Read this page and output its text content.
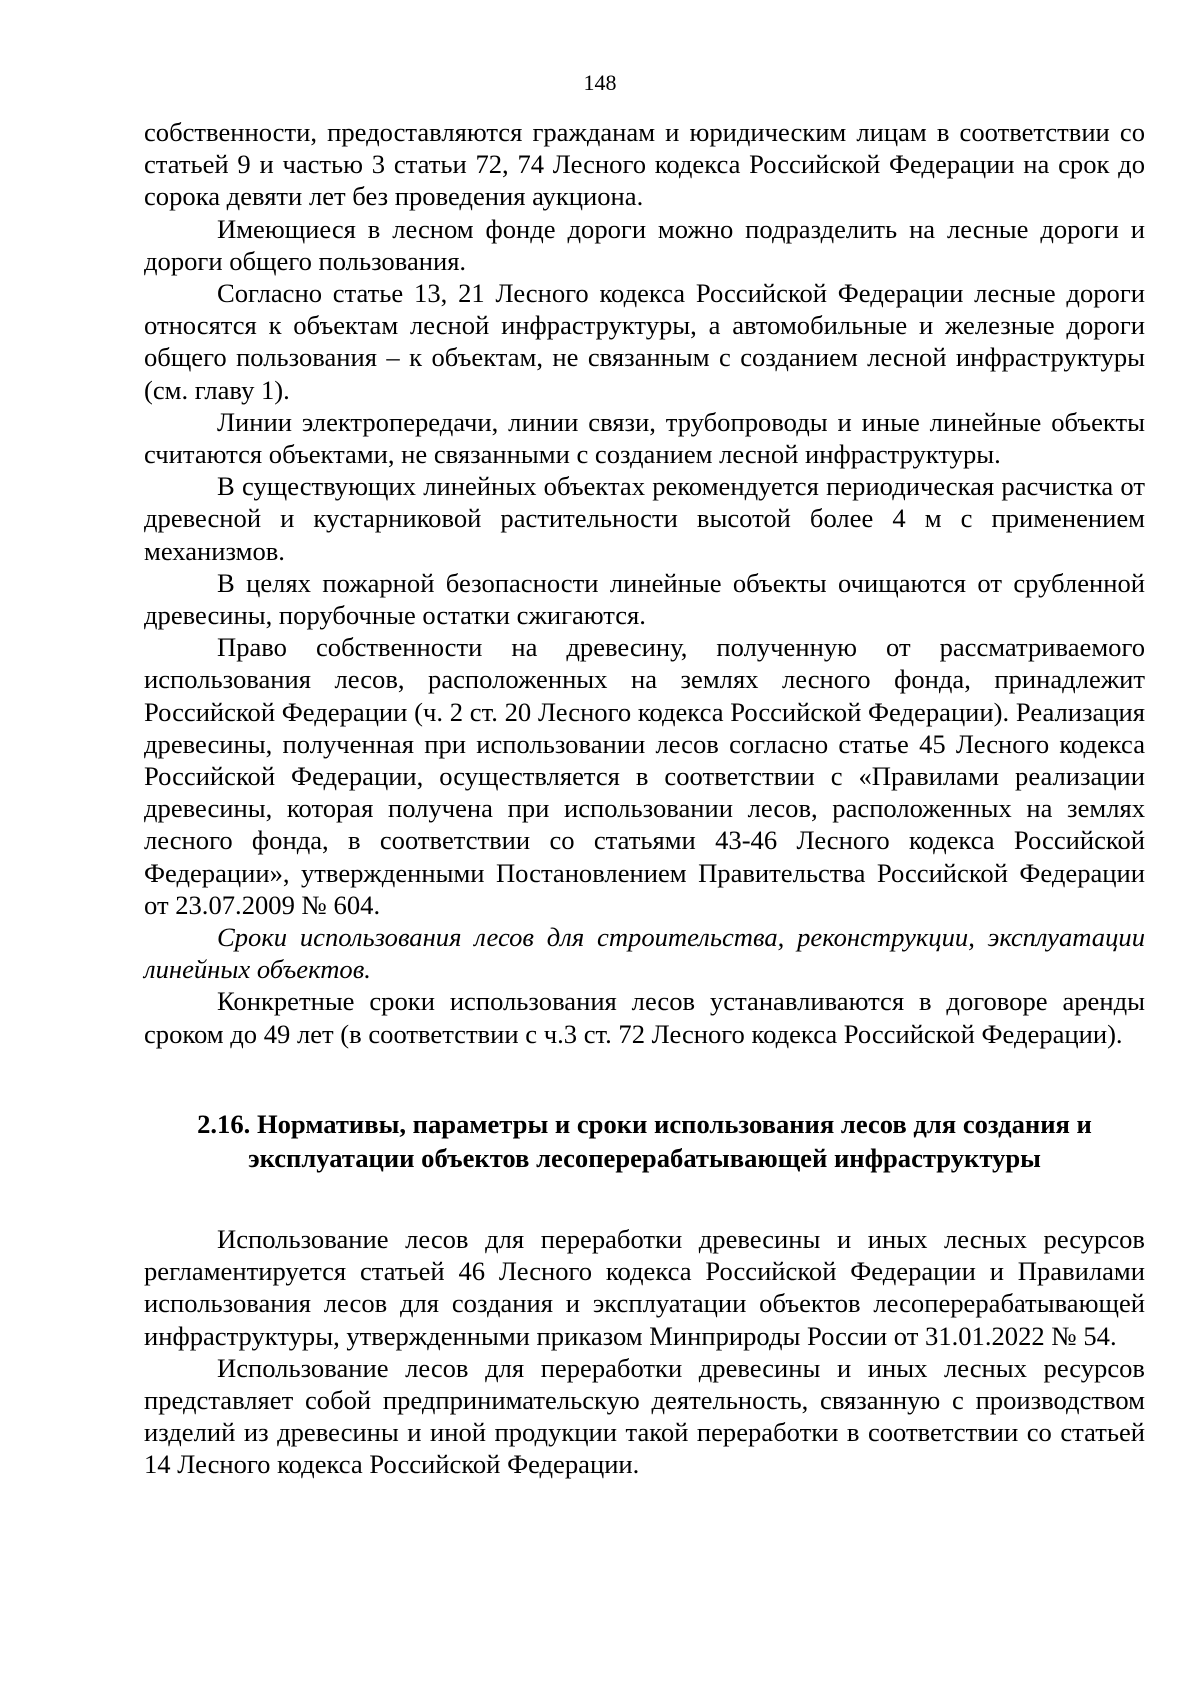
148

собственности, предоставляются гражданам и юридическим лицам в соответствии со статьей 9 и частью 3 статьи 72, 74 Лесного кодекса Российской Федерации на срок до сорока девяти лет без проведения аукциона.

Имеющиеся в лесном фонде дороги можно подразделить на лесные дороги и дороги общего пользования.

Согласно статье 13, 21 Лесного кодекса Российской Федерации лесные дороги относятся к объектам лесной инфраструктуры, а автомобильные и железные дороги общего пользования – к объектам, не связанным с созданием лесной инфраструктуры (см. главу 1).

Линии электропередачи, линии связи, трубопроводы и иные линейные объекты считаются объектами, не связанными с созданием лесной инфраструктуры.

В существующих линейных объектах рекомендуется периодическая расчистка от древесной и кустарниковой растительности высотой более 4 м с применением механизмов.

В целях пожарной безопасности линейные объекты очищаются от срубленной древесины, порубочные остатки сжигаются.

Право собственности на древесину, полученную от рассматриваемого использования лесов, расположенных на землях лесного фонда, принадлежит Российской Федерации (ч. 2 ст. 20 Лесного кодекса Российской Федерации). Реализация древесины, полученная при использовании лесов согласно статье 45 Лесного кодекса Российской Федерации, осуществляется в соответствии с «Правилами реализации древесины, которая получена при использовании лесов, расположенных на землях лесного фонда, в соответствии со статьями 43-46 Лесного кодекса Российской Федерации», утвержденными Постановлением Правительства Российской Федерации от 23.07.2009 № 604.

Сроки использования лесов для строительства, реконструкции, эксплуатации линейных объектов.

Конкретные сроки использования лесов устанавливаются в договоре аренды сроком до 49 лет (в соответствии с ч.3 ст. 72 Лесного кодекса Российской Федерации).

2.16. Нормативы, параметры и сроки использования лесов для создания и
эксплуатации объектов лесоперерабатывающей инфраструктуры

Использование лесов для переработки древесины и иных лесных ресурсов регламентируется статьей 46 Лесного кодекса Российской Федерации и Правилами использования лесов для создания и эксплуатации объектов лесоперерабатывающей инфраструктуры, утвержденными приказом Минприроды России от 31.01.2022 № 54.

Использование лесов для переработки древесины и иных лесных ресурсов представляет собой предпринимательскую деятельность, связанную с производством изделий из древесины и иной продукции такой переработки в соответствии со статьей 14 Лесного кодекса Российской Федерации.
